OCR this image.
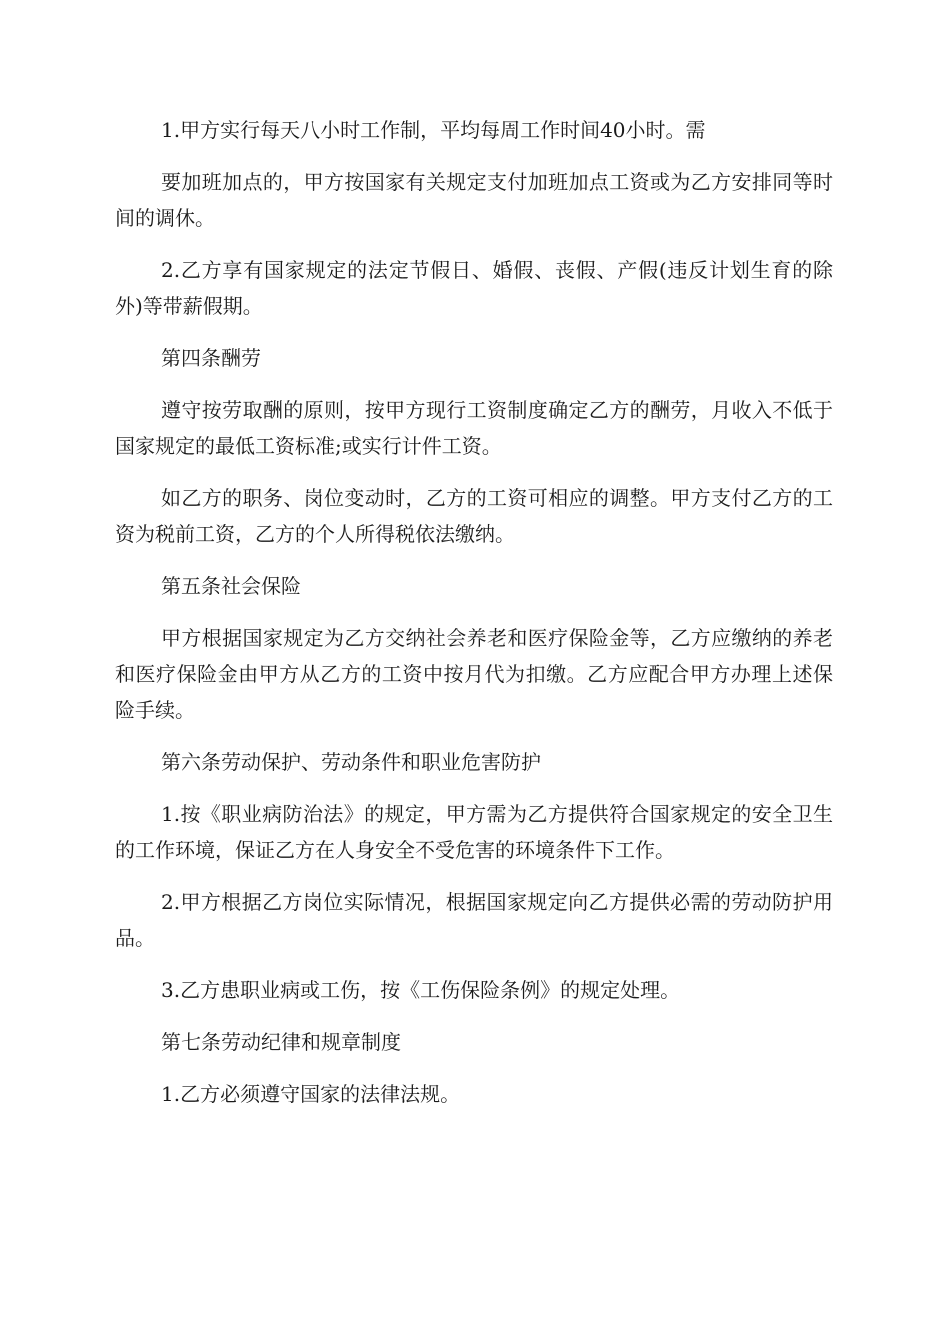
1.甲方实行每天八小时工作制，平均每周工作时间40小时。需

要加班加点的，甲方按国家有关规定支付加班加点工资或为乙方安排同等时间的调休。

2.乙方享有国家规定的法定节假日、婚假、丧假、产假(违反计划生育的除外)等带薪假期。

第四条酬劳

遵守按劳取酬的原则，按甲方现行工资制度确定乙方的酬劳，月收入不低于国家规定的最低工资标准;或实行计件工资。

如乙方的职务、岗位变动时，乙方的工资可相应的调整。甲方支付乙方的工资为税前工资，乙方的个人所得税依法缴纳。

第五条社会保险

甲方根据国家规定为乙方交纳社会养老和医疗保险金等，乙方应缴纳的养老和医疗保险金由甲方从乙方的工资中按月代为扣缴。乙方应配合甲方办理上述保险手续。

第六条劳动保护、劳动条件和职业危害防护

1.按《职业病防治法》的规定，甲方需为乙方提供符合国家规定的安全卫生的工作环境，保证乙方在人身安全不受危害的环境条件下工作。

2.甲方根据乙方岗位实际情况，根据国家规定向乙方提供必需的劳动防护用品。

3.乙方患职业病或工伤，按《工伤保险条例》的规定处理。

第七条劳动纪律和规章制度

1.乙方必须遵守国家的法律法规。
